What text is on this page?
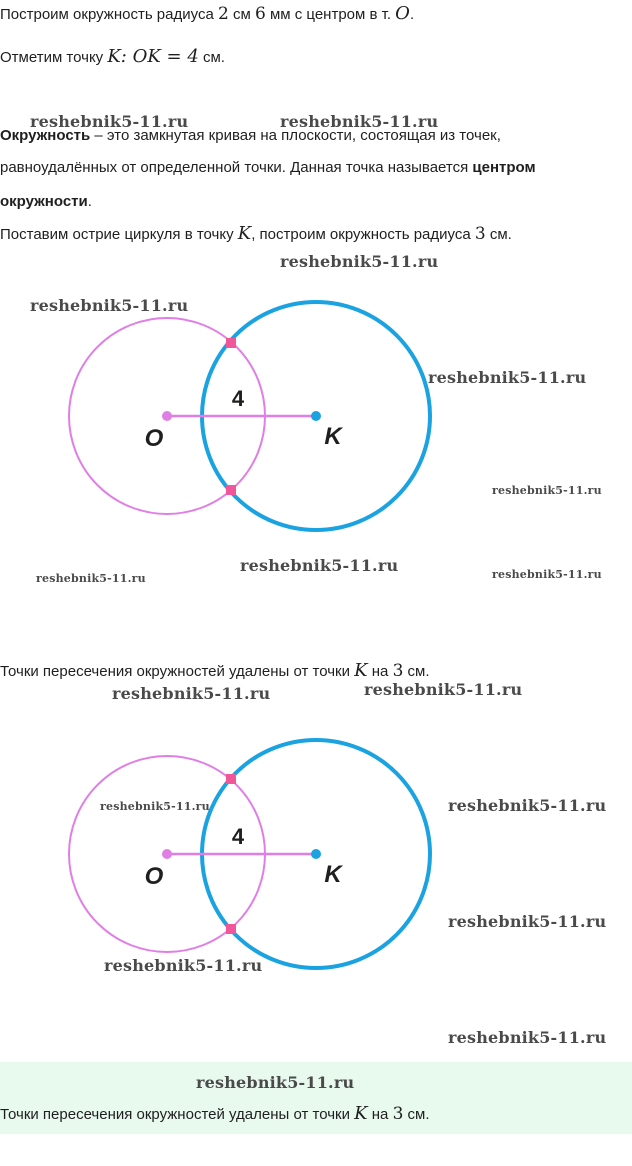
Построим окружность радиуса 2 см 6 мм с центром в т. O.
Отметим точку K: OK = 4 см.
Окружность – это замкнутая кривая на плоскости, состоящая из точек,
равноудалённых от определенной точки. Данная точка называется центром
окружности.
Поставим острие циркуля в точку K, построим окружность радиуса 3 см.
4
O	K
Точки пересечения окружностей удалены от точки K на 3 см.
4
O	K
Точки пересечения окружностей удалены от точки K на 3 см.
reshebnik5-11.ru	reshebnik5-11.ru
reshebnik5-11.ru
reshebnik5-11.ru
reshebnik5-11.ru
reshebnik5-11.ru
reshebnik5-11.ru
reshebnik5-11.ru	reshebnik5-11.ru
reshebnik5-11.ru	reshebnik5-11.ru
reshebnik5-11.ru	reshebnik5-11.ru
reshebnik5-11.ru
reshebnik5-11.ru
reshebnik5-11.ru
reshebnik5-11.ru
